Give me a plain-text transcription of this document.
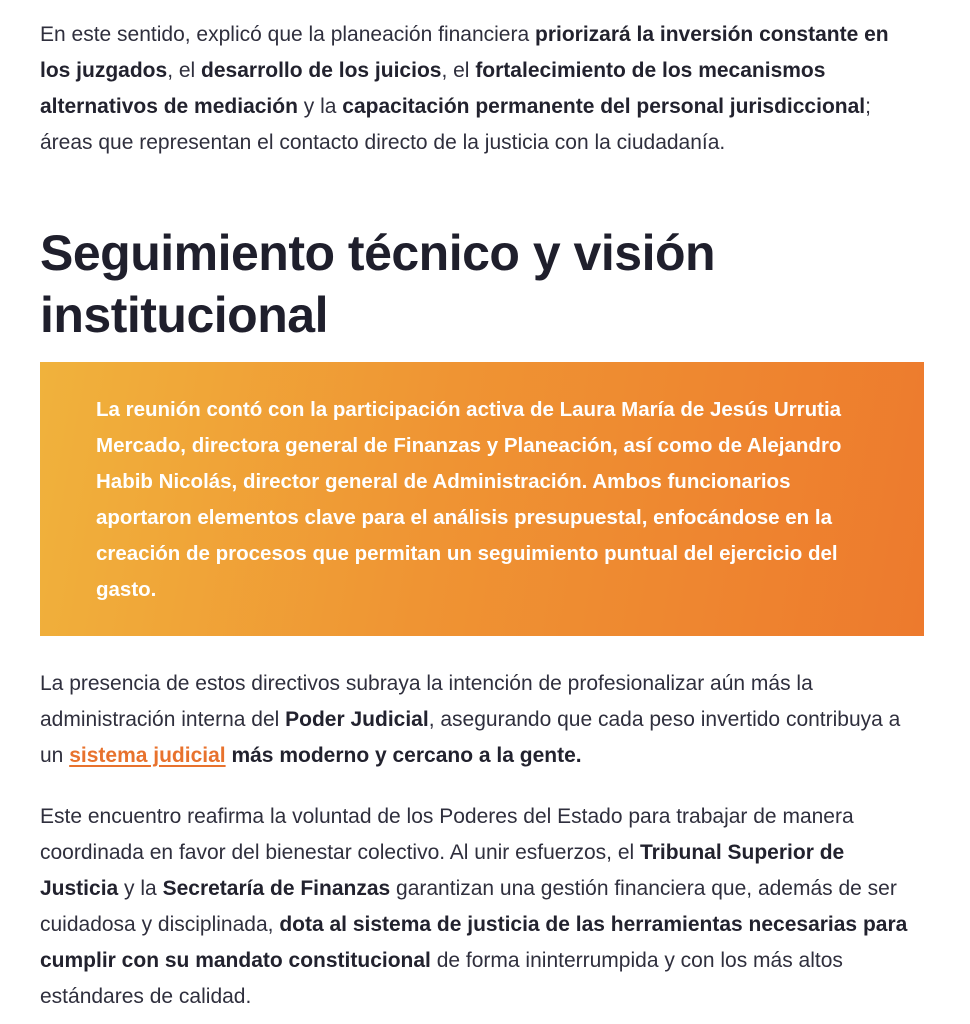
En este sentido, explicó que la planeación financiera priorizará la inversión constante en los juzgados, el desarrollo de los juicios, el fortalecimiento de los mecanismos alternativos de mediación y la capacitación permanente del personal jurisdiccional; áreas que representan el contacto directo de la justicia con la ciudadanía.

Seguimiento técnico y visión institucional

La reunión contó con la participación activa de Laura María de Jesús Urrutia Mercado, directora general de Finanzas y Planeación, así como de Alejandro Habib Nicolás, director general de Administración. Ambos funcionarios aportaron elementos clave para el análisis presupuestal, enfocándose en la creación de procesos que permitan un seguimiento puntual del ejercicio del gasto.

La presencia de estos directivos subraya la intención de profesionalizar aún más la administración interna del Poder Judicial, asegurando que cada peso invertido contribuya a un sistema judicial más moderno y cercano a la gente.

Este encuentro reafirma la voluntad de los Poderes del Estado para trabajar de manera coordinada en favor del bienestar colectivo. Al unir esfuerzos, el Tribunal Superior de Justicia y la Secretaría de Finanzas garantizan una gestión financiera que, además de ser cuidadosa y disciplinada, dota al sistema de justicia de las herramientas necesarias para cumplir con su mandato constitucional de forma ininterrumpida y con los más altos estándares de calidad.
